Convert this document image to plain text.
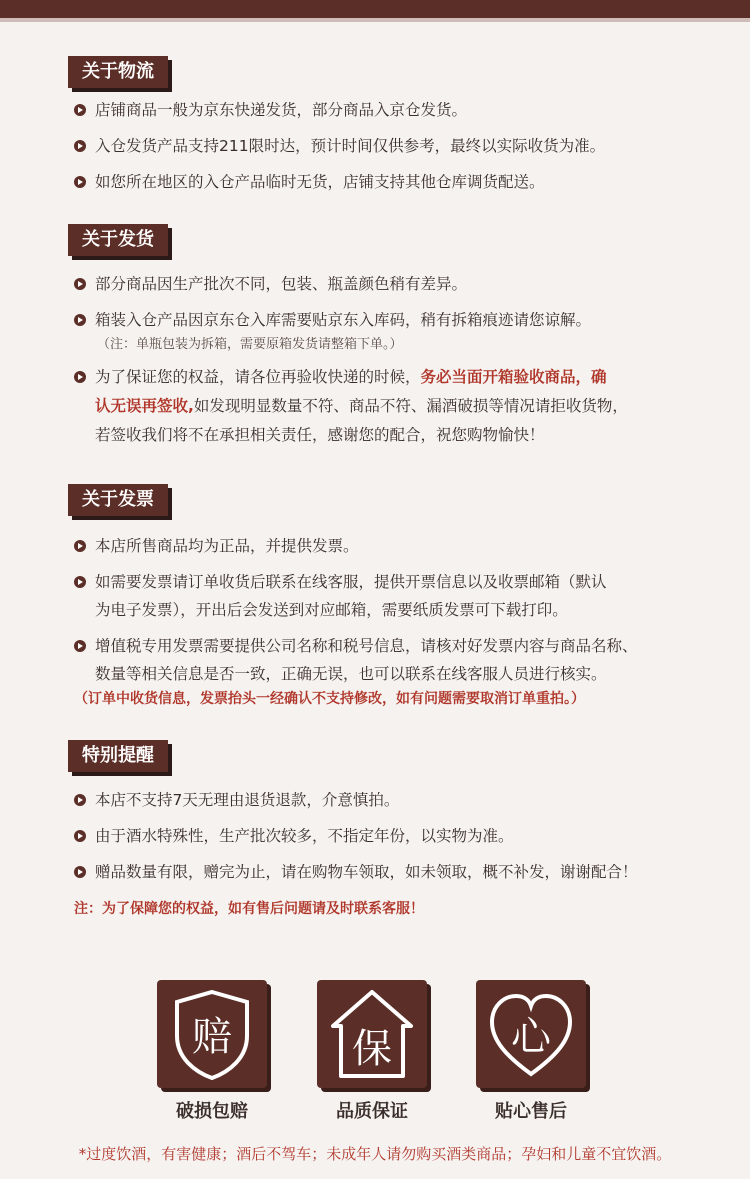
关于物流
店铺商品一般为京东快递发货，部分商品入京仓发货。
入仓发货产品支持211限时达，预计时间仅供参考，最终以实际收货为准。
如您所在地区的入仓产品临时无货，店铺支持其他仓库调货配送。
关于发货
部分商品因生产批次不同，包装、瓶盖颜色稍有差异。
箱装入仓产品因京东仓入库需要贴京东入库码，稍有拆箱痕迹请您谅解。
（注：单瓶包装为拆箱，需要原箱发货请整箱下单。）
为了保证您的权益，请各位再验收快递的时候，务必当面开箱验收商品，确
认无误再签收,如发现明显数量不符、商品不符、漏酒破损等情况请拒收货物，
若签收我们将不在承担相关责任，感谢您的配合，祝您购物愉快！
关于发票
本店所售商品均为正品，并提供发票。
如需要发票请订单收货后联系在线客服，提供开票信息以及收票邮箱（默认
为电子发票），开出后会发送到对应邮箱，需要纸质发票可下载打印。
增值税专用发票需要提供公司名称和税号信息，请核对好发票内容与商品名称、
数量等相关信息是否一致，正确无误，也可以联系在线客服人员进行核实。
（订单中收货信息，发票抬头一经确认不支持修改，如有问题需要取消订单重拍。）
特别提醒
本店不支持7天无理由退货退款，介意慎拍。
由于酒水特殊性，生产批次较多，不指定年份，以实物为准。
赠品数量有限，赠完为止，请在购物车领取，如未领取，概不补发，谢谢配合！
注：为了保障您的权益，如有售后问题请及时联系客服！
赔
破损包赔
保
品质保证
心
贴心售后
*过度饮酒，有害健康；酒后不驾车；未成年人请勿购买酒类商品；孕妇和儿童不宜饮酒。
